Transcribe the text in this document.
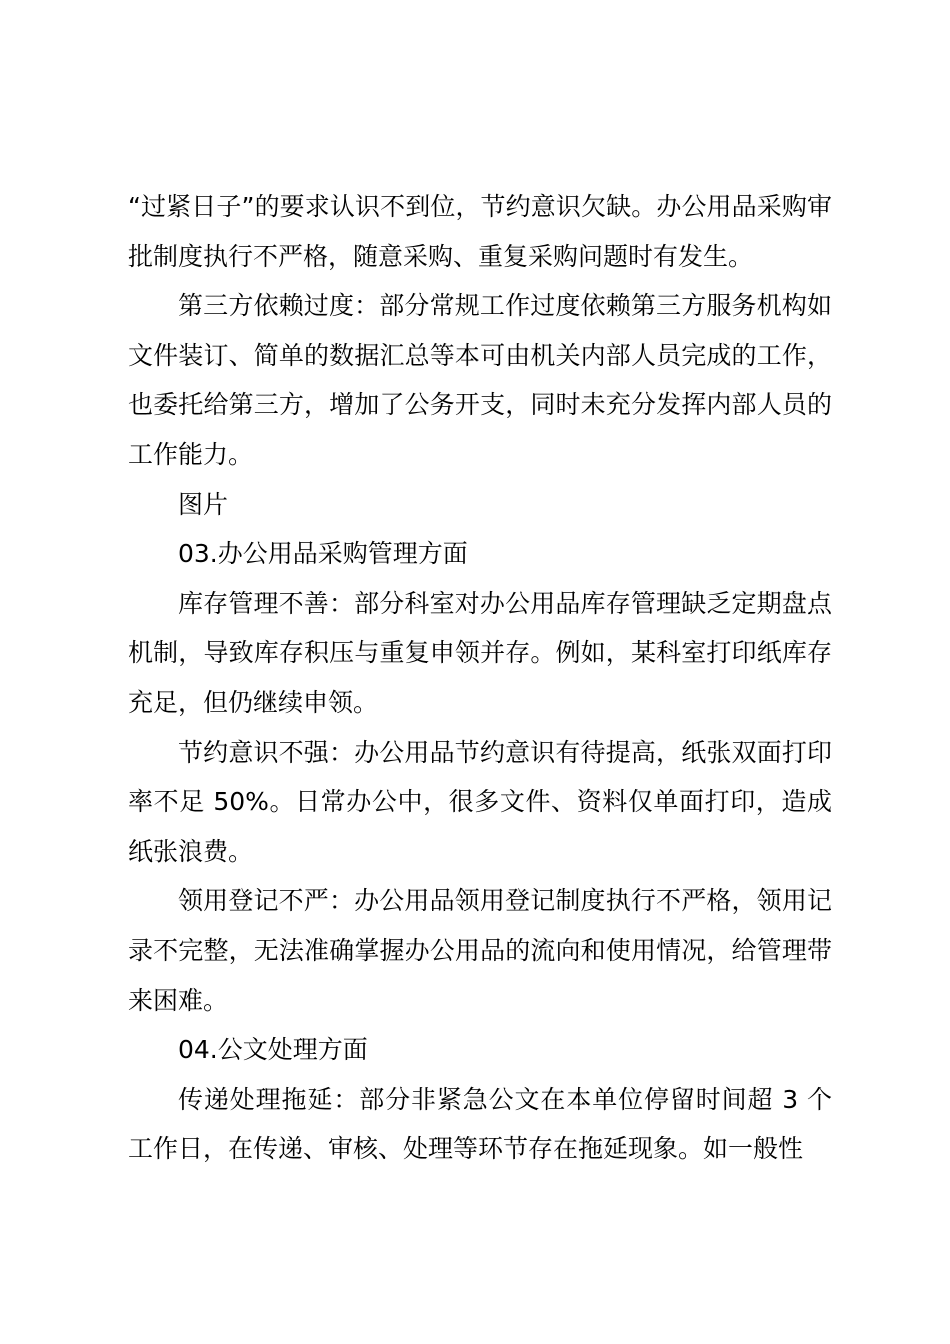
“过紧日子”的要求认识不到位，节约意识欠缺。办公用品采购审批制度执行不严格，随意采购、重复采购问题时有发生。

第三方依赖过度：部分常规工作过度依赖第三方服务机构如文件装订、简单的数据汇总等本可由机关内部人员完成的工作，也委托给第三方，增加了公务开支，同时未充分发挥内部人员的工作能力。

图片

03.办公用品采购管理方面

库存管理不善：部分科室对办公用品库存管理缺乏定期盘点机制，导致库存积压与重复申领并存。例如，某科室打印纸库存充足，但仍继续申领。

节约意识不强：办公用品节约意识有待提高，纸张双面打印率不足 50%。日常办公中，很多文件、资料仅单面打印，造成纸张浪费。

领用登记不严：办公用品领用登记制度执行不严格，领用记录不完整，无法准确掌握办公用品的流向和使用情况，给管理带来困难。

04.公文处理方面

传递处理拖延：部分非紧急公文在本单位停留时间超 3 个工作日，在传递、审核、处理等环节存在拖延现象。如一般性
